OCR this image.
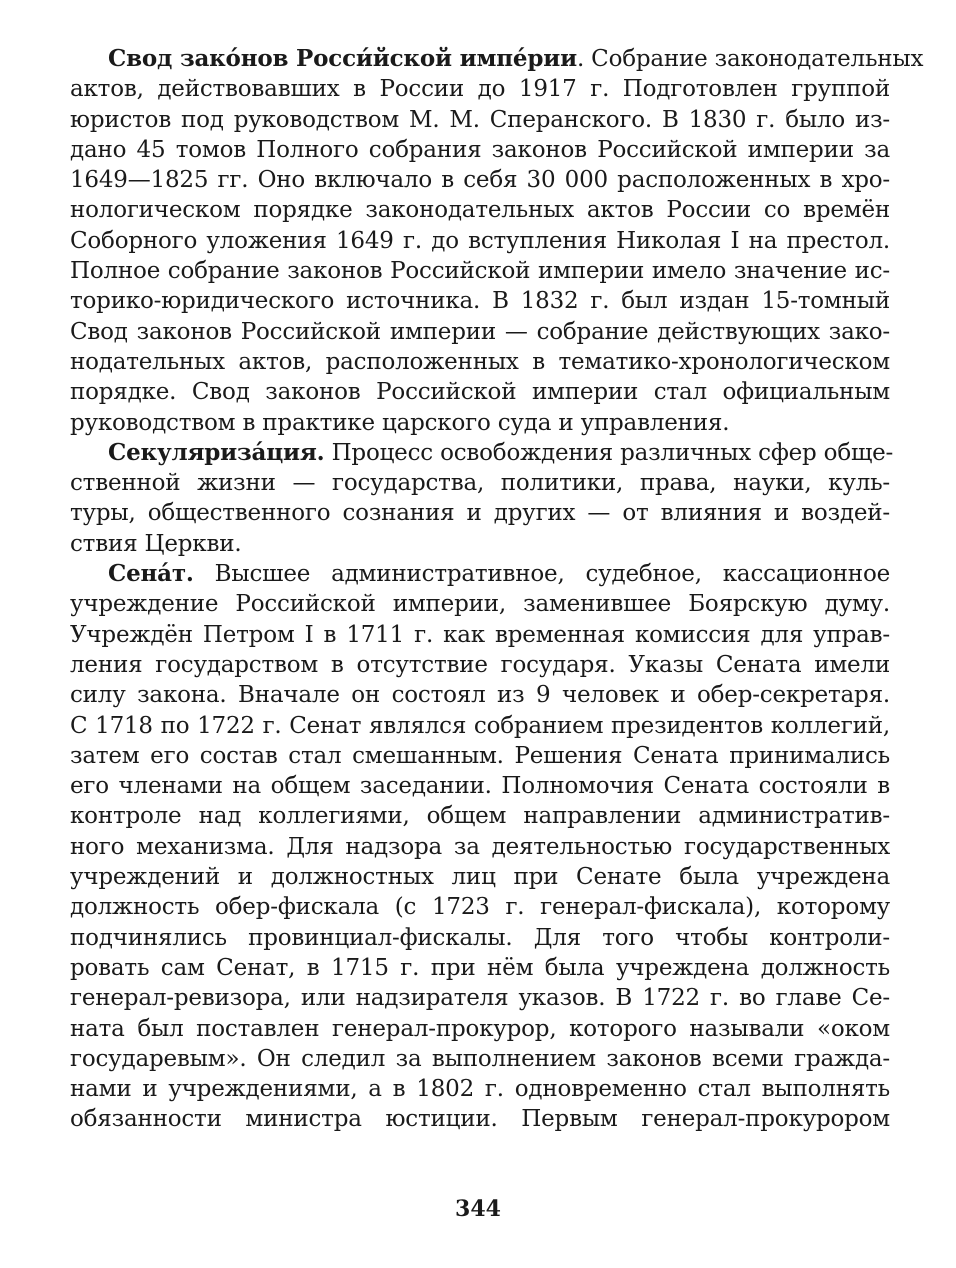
Свод зако́нов Росси́йской импе́рии. Собрание законодательных
актов, действовавших в России до 1917 г. Подготовлен группой
юристов под руководством М. М. Сперанского. В 1830 г. было из-
дано 45 томов Полного собрания законов Российской империи за
1649—1825 гг. Оно включало в себя 30 000 расположенных в хро-
нологическом порядке законодательных актов России со времён
Соборного уложения 1649 г. до вступления Николая I на престол.
Полное собрание законов Российской империи имело значение ис-
торико-юридического источника. В 1832 г. был издан 15-томный
Свод законов Российской империи — собрание действующих зако-
нодательных актов, расположенных в тематико-хронологическом
порядке. Свод законов Российской империи стал официальным
руководством в практике царского суда и управления.
Секуляриза́ция. Процесс освобождения различных сфер обще-
ственной жизни — государства, политики, права, науки, куль-
туры, общественного сознания и других — от влияния и воздей-
ствия Церкви.
Сена́т. Высшее административное, судебное, кассационное
учреждение Российской империи, заменившее Боярскую думу.
Учреждён Петром I в 1711 г. как временная комиссия для управ-
ления государством в отсутствие государя. Указы Сената имели
силу закона. Вначале он состоял из 9 человек и обер-секретаря.
С 1718 по 1722 г. Сенат являлся собранием президентов коллегий,
затем его состав стал смешанным. Решения Сената принимались
его членами на общем заседании. Полномочия Сената состояли в
контроле над коллегиями, общем направлении административ-
ного механизма. Для надзора за деятельностью государственных
учреждений и должностных лиц при Сенате была учреждена
должность обер-фискала (с 1723 г. генерал-фискала), которому
подчинялись провинциал-фискалы. Для того чтобы контроли-
ровать сам Сенат, в 1715 г. при нём была учреждена должность
генерал-ревизора, или надзирателя указов. В 1722 г. во главе Се-
ната был поставлен генерал-прокурор, которого называли «оком
государевым». Он следил за выполнением законов всеми гражда-
нами и учреждениями, а в 1802 г. одновременно стал выполнять
обязанности министра юстиции. Первым генерал-прокурором
344
